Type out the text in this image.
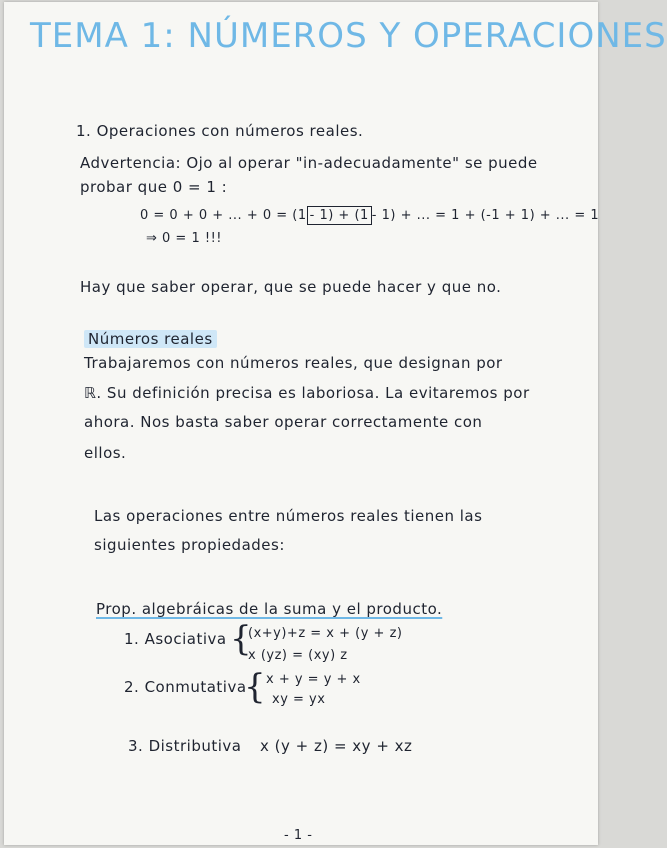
TEMA 1: NÚMEROS Y OPERACIONES
1. Operaciones con números reales.
Advertencia: Ojo al operar "in-adecuadamente" se puede
probar que 0 = 1 :
0 = 0 + 0 + ... + 0 = (1 - 1) + (1 - 1) + ... = 1 + (-1 + 1) + ... = 1
⇒ 0 = 1 !!!
Hay que saber operar, que se puede hacer y que no.
Números reales
Trabajaremos con números reales, que designan por
ℝ. Su definición precisa es laboriosa. La evitaremos por
ahora. Nos basta saber operar correctamente con
ellos.
Las operaciones entre números reales tienen las
siguientes propiedades:
Prop. algebráicas de la suma y el producto.
1. Asociativa {
(x+y)+z = x + (y + z)
x (yz) = (xy) z
2. Conmutativa
{ x + y = y + x
xy = yx
3. Distributiva x (y + z) = xy + xz
- 1 -
